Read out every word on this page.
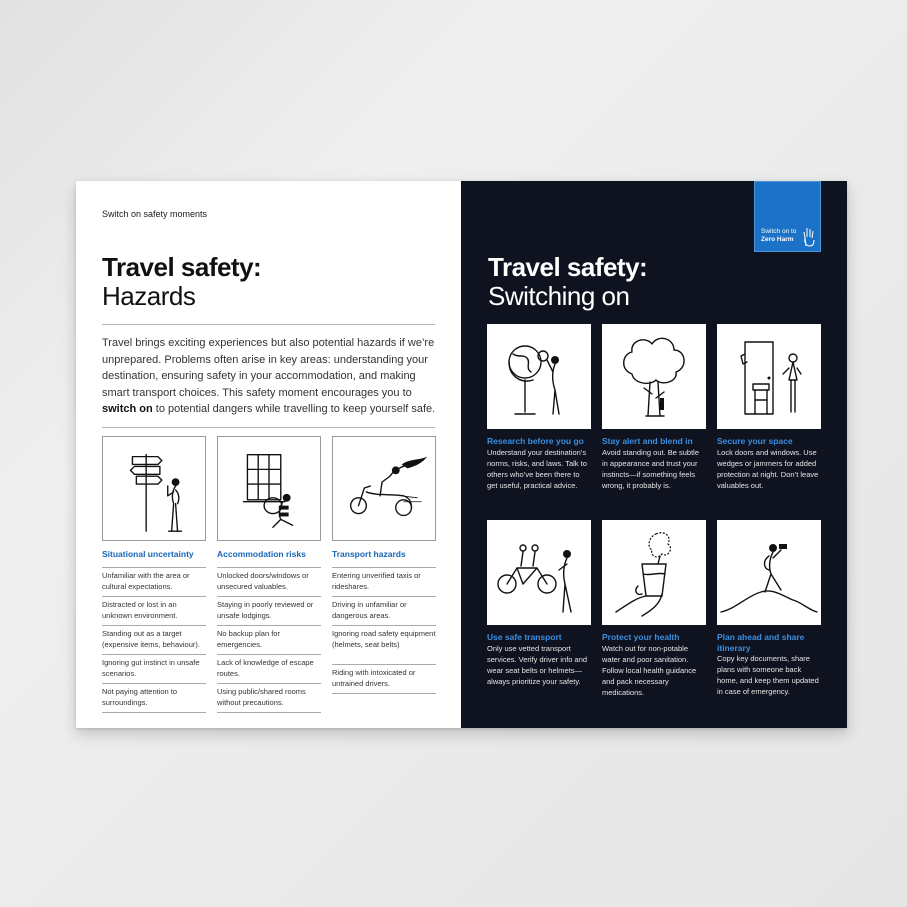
Switch on safety moments
Travel safety:
Hazards
Travel brings exciting experiences but also potential hazards if we’re unprepared. Problems often arise in key areas: understanding your destination, ensuring safety in your accommodation, and making smart transport choices. This safety moment encourages you to switch on to potential dangers while travelling to keep yourself safe.
Situational uncertainty
Unfamiliar with the area or cultural expectations.
Distracted or lost in an unknown environment.
Standing out as a target (expensive items, behaviour).
Ignoring gut instinct in unsafe scenarios.
Not paying attention to surroundings.
Accommodation risks
Unlocked doors/windows or unsecured valuables.
Staying in poorly reviewed or unsafe lodgings.
No backup plan for emergencies.
Lack of knowledge of escape routes.
Using public/shared rooms without precautions.
Transport hazards
Entering unverified taxis or rideshares.
Driving in unfamiliar or dangerous areas.
Ignoring road safety equipment (helmets, seat belts)
Riding with intoxicated or untrained drivers.
Switch on to
Zero Harm
Travel safety:
Switching on
Research before you go
Understand your destination’s norms, risks, and laws. Talk to others who’ve been there to get useful, practical advice.
Stay alert and blend in
Avoid standing out. Be subtle in appearance and trust your instincts—if something feels wrong, it probably is.
Secure your space
Lock doors and windows. Use wedges or jammers for added protection at night. Don’t leave valuables out.
Use safe transport
Only use vetted transport services. Verify driver info and wear seat belts or helmets—always prioritize your safety.
Protect your health
Watch out for non-potable water and poor sanitation. Follow local health guidance and pack necessary medications.
Plan ahead and share itinerary
Copy key documents, share plans with someone back home, and keep them updated in case of emergency.
